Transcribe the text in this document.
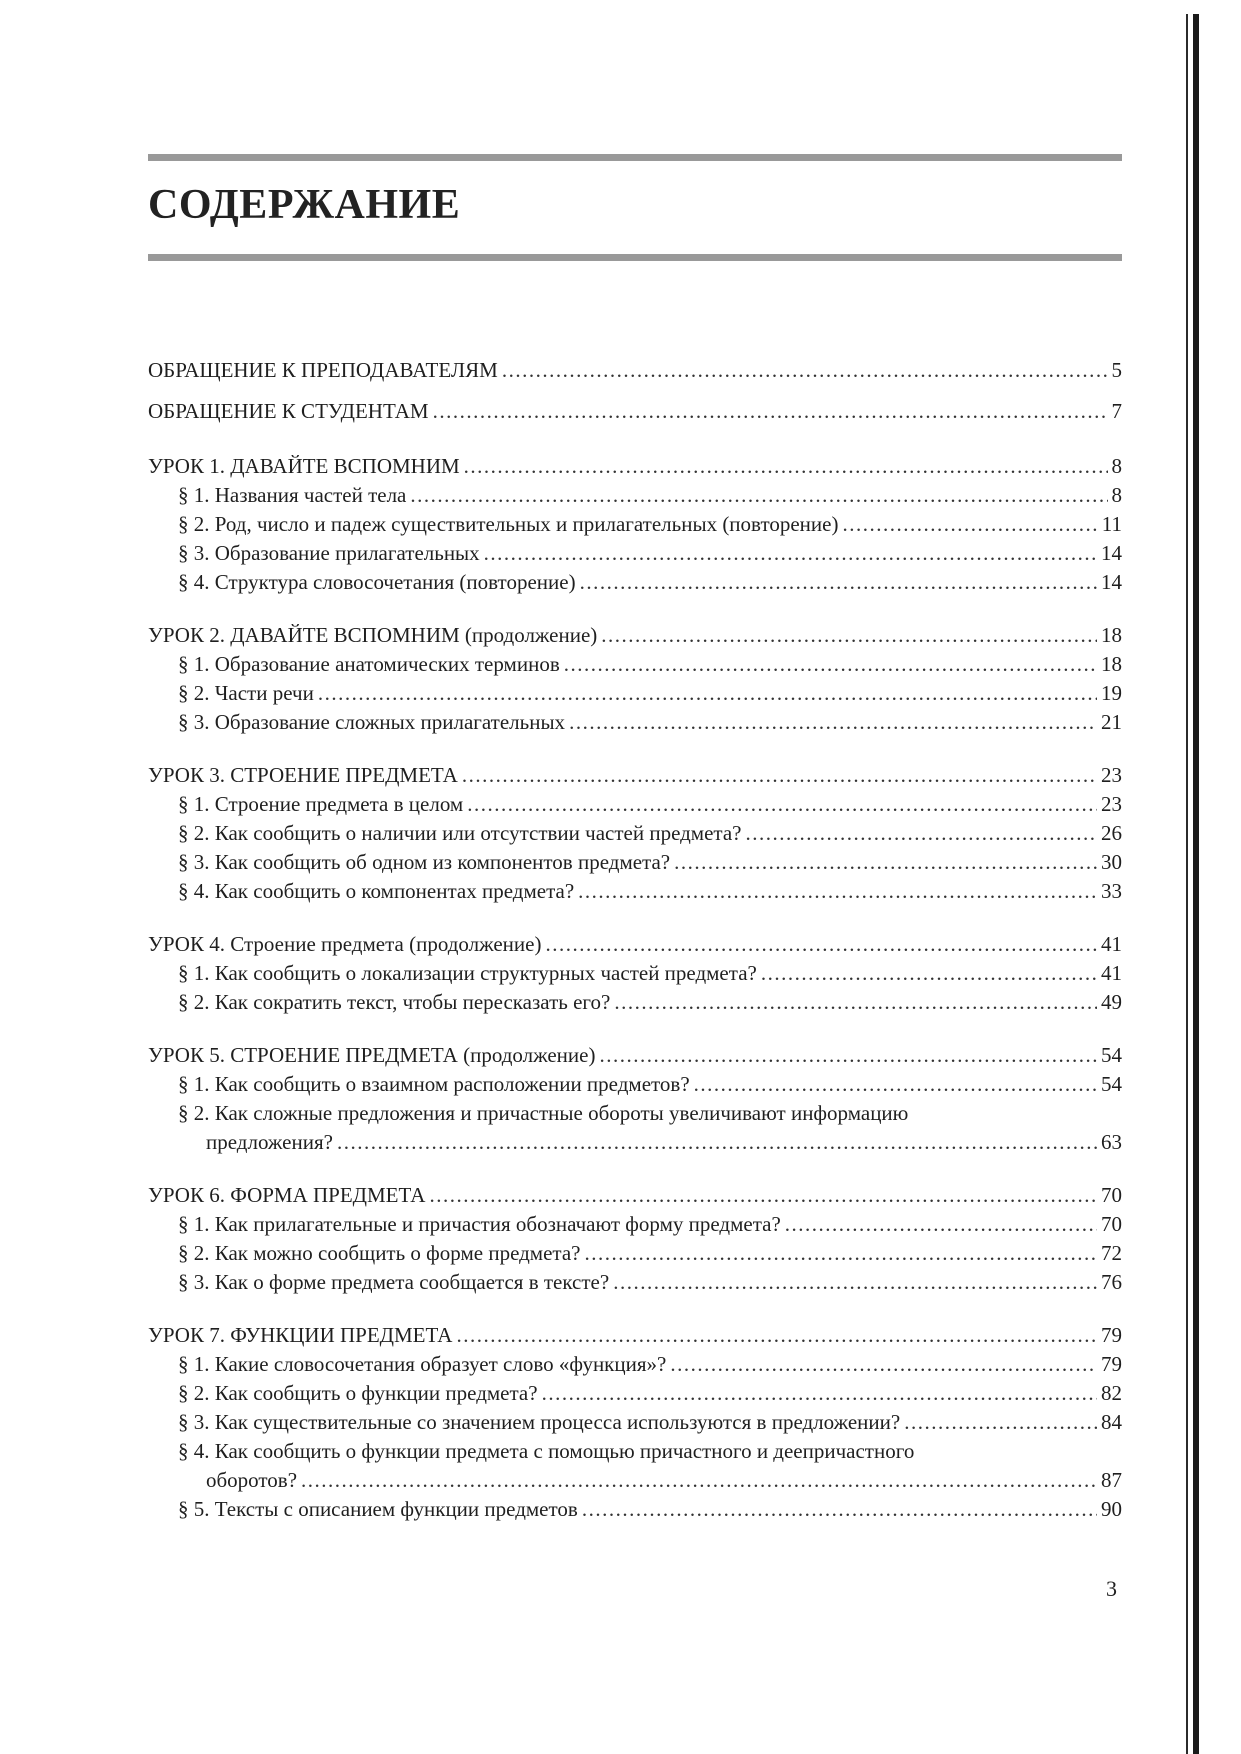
СОДЕРЖАНИЕ
ОБРАЩЕНИЕ К ПРЕПОДАВАТЕЛЯМ .....	5
ОБРАЩЕНИЕ К СТУДЕНТАМ .....	7
УРОК 1. ДАВАЙТЕ ВСПОМНИМ .....	8
§ 1. Названия частей тела .....	8
§ 2. Род, число и падеж существительных и прилагательных (повторение) .....	11
§ 3. Образование прилагательных .....	14
§ 4. Структура словосочетания (повторение) .....	14
УРОК 2. ДАВАЙТЕ ВСПОМНИМ (продолжение) .....	18
§ 1. Образование анатомических терминов .....	18
§ 2. Части речи .....	19
§ 3. Образование сложных прилагательных .....	21
УРОК 3. СТРОЕНИЕ ПРЕДМЕТА .....	23
§ 1. Строение предмета в целом .....	23
§ 2. Как сообщить о наличии или отсутствии частей предмета? .....	26
§ 3. Как сообщить об одном из компонентов предмета? .....	30
§ 4. Как сообщить о компонентах предмета? .....	33
УРОК 4. Строение предмета (продолжение) .....	41
§ 1. Как сообщить о локализации структурных частей предмета? .....	41
§ 2. Как сократить текст, чтобы пересказать его? .....	49
УРОК 5. СТРОЕНИЕ ПРЕДМЕТА (продолжение) .....	54
§ 1. Как сообщить о взаимном расположении предметов? .....	54
§ 2. Как сложные предложения и причастные обороты увеличивают информацию
предложения? .....	63
УРОК 6. ФОРМА ПРЕДМЕТА .....	70
§ 1. Как прилагательные и причастия обозначают форму предмета? .....	70
§ 2. Как можно сообщить о форме предмета? .....	72
§ 3. Как о форме предмета сообщается в тексте? .....	76
УРОК 7. ФУНКЦИИ ПРЕДМЕТА .....	79
§ 1. Какие словосочетания образует слово «функция»? .....	79
§ 2. Как сообщить о функции предмета? .....	82
§ 3. Как существительные со значением процесса используются в предложении? .....	84
§ 4. Как сообщить о функции предмета с помощью причастного и деепричастного
оборотов? .....	87
§ 5. Тексты с описанием функции предметов .....	90
3
